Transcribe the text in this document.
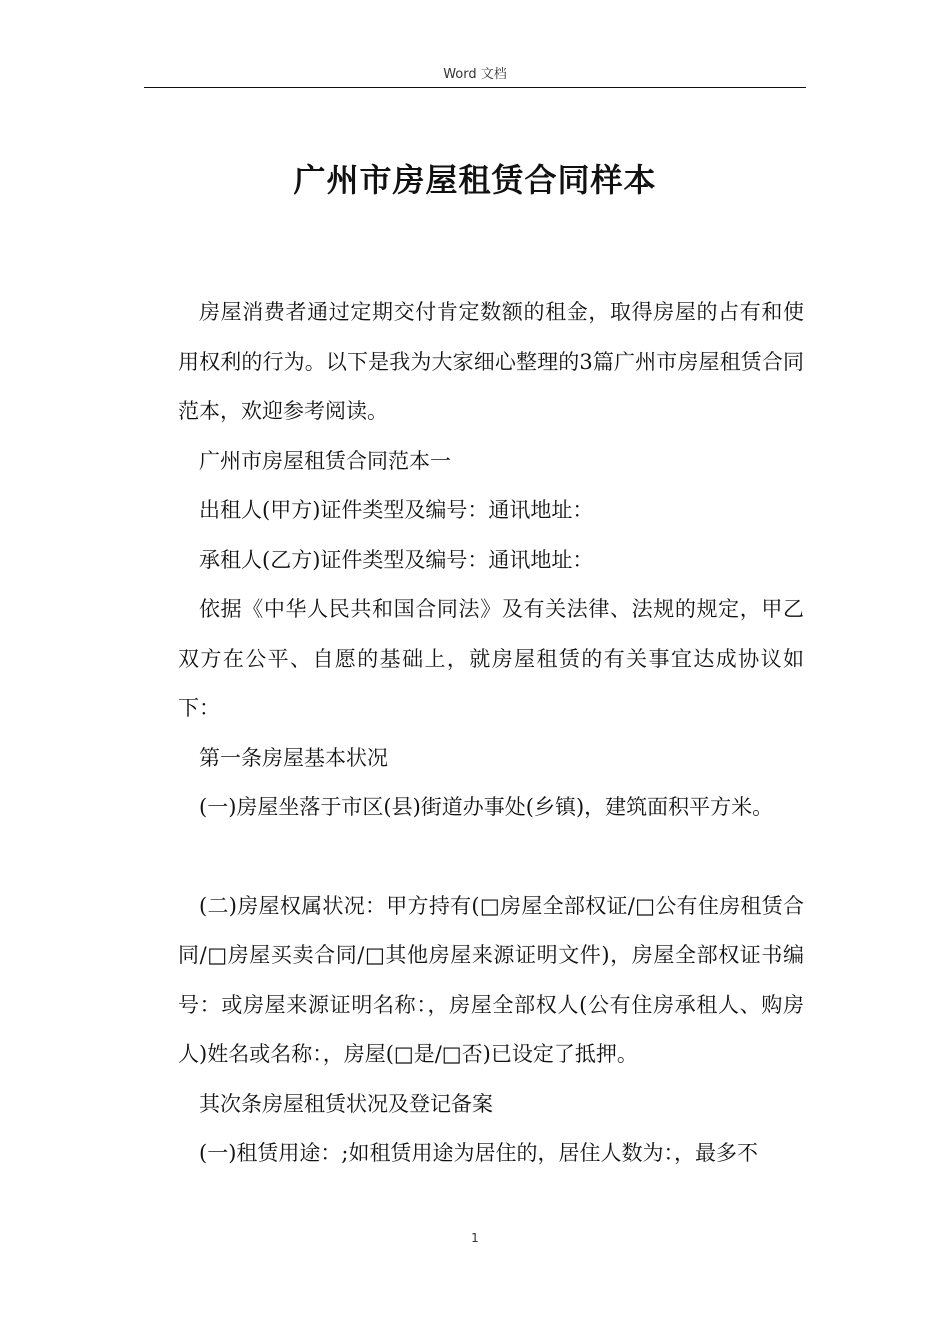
Word 文档
广州市房屋租赁合同样本

房屋消费者通过定期交付肯定数额的租金，取得房屋的占有和使用权利的行为。以下是我为大家细心整理的3篇广州市房屋租赁合同范本，欢迎参考阅读。

广州市房屋租赁合同范本一

出租人(甲方)证件类型及编号：通讯地址：

承租人(乙方)证件类型及编号：通讯地址：

依据《中华人民共和国合同法》及有关法律、法规的规定，甲乙双方在公平、自愿的基础上，就房屋租赁的有关事宜达成协议如下：

第一条房屋基本状况

(一)房屋坐落于市区(县)街道办事处(乡镇)，建筑面积平方米。

(二)房屋权属状况：甲方持有(□房屋全部权证/□公有住房租赁合同/□房屋买卖合同/□其他房屋来源证明文件)，房屋全部权证书编号：或房屋来源证明名称：，房屋全部权人(公有住房承租人、购房人)姓名或名称：，房屋(□是/□否)已设定了抵押。

其次条房屋租赁状况及登记备案

(一)租赁用途：;如租赁用途为居住的，居住人数为：，最多不

1
